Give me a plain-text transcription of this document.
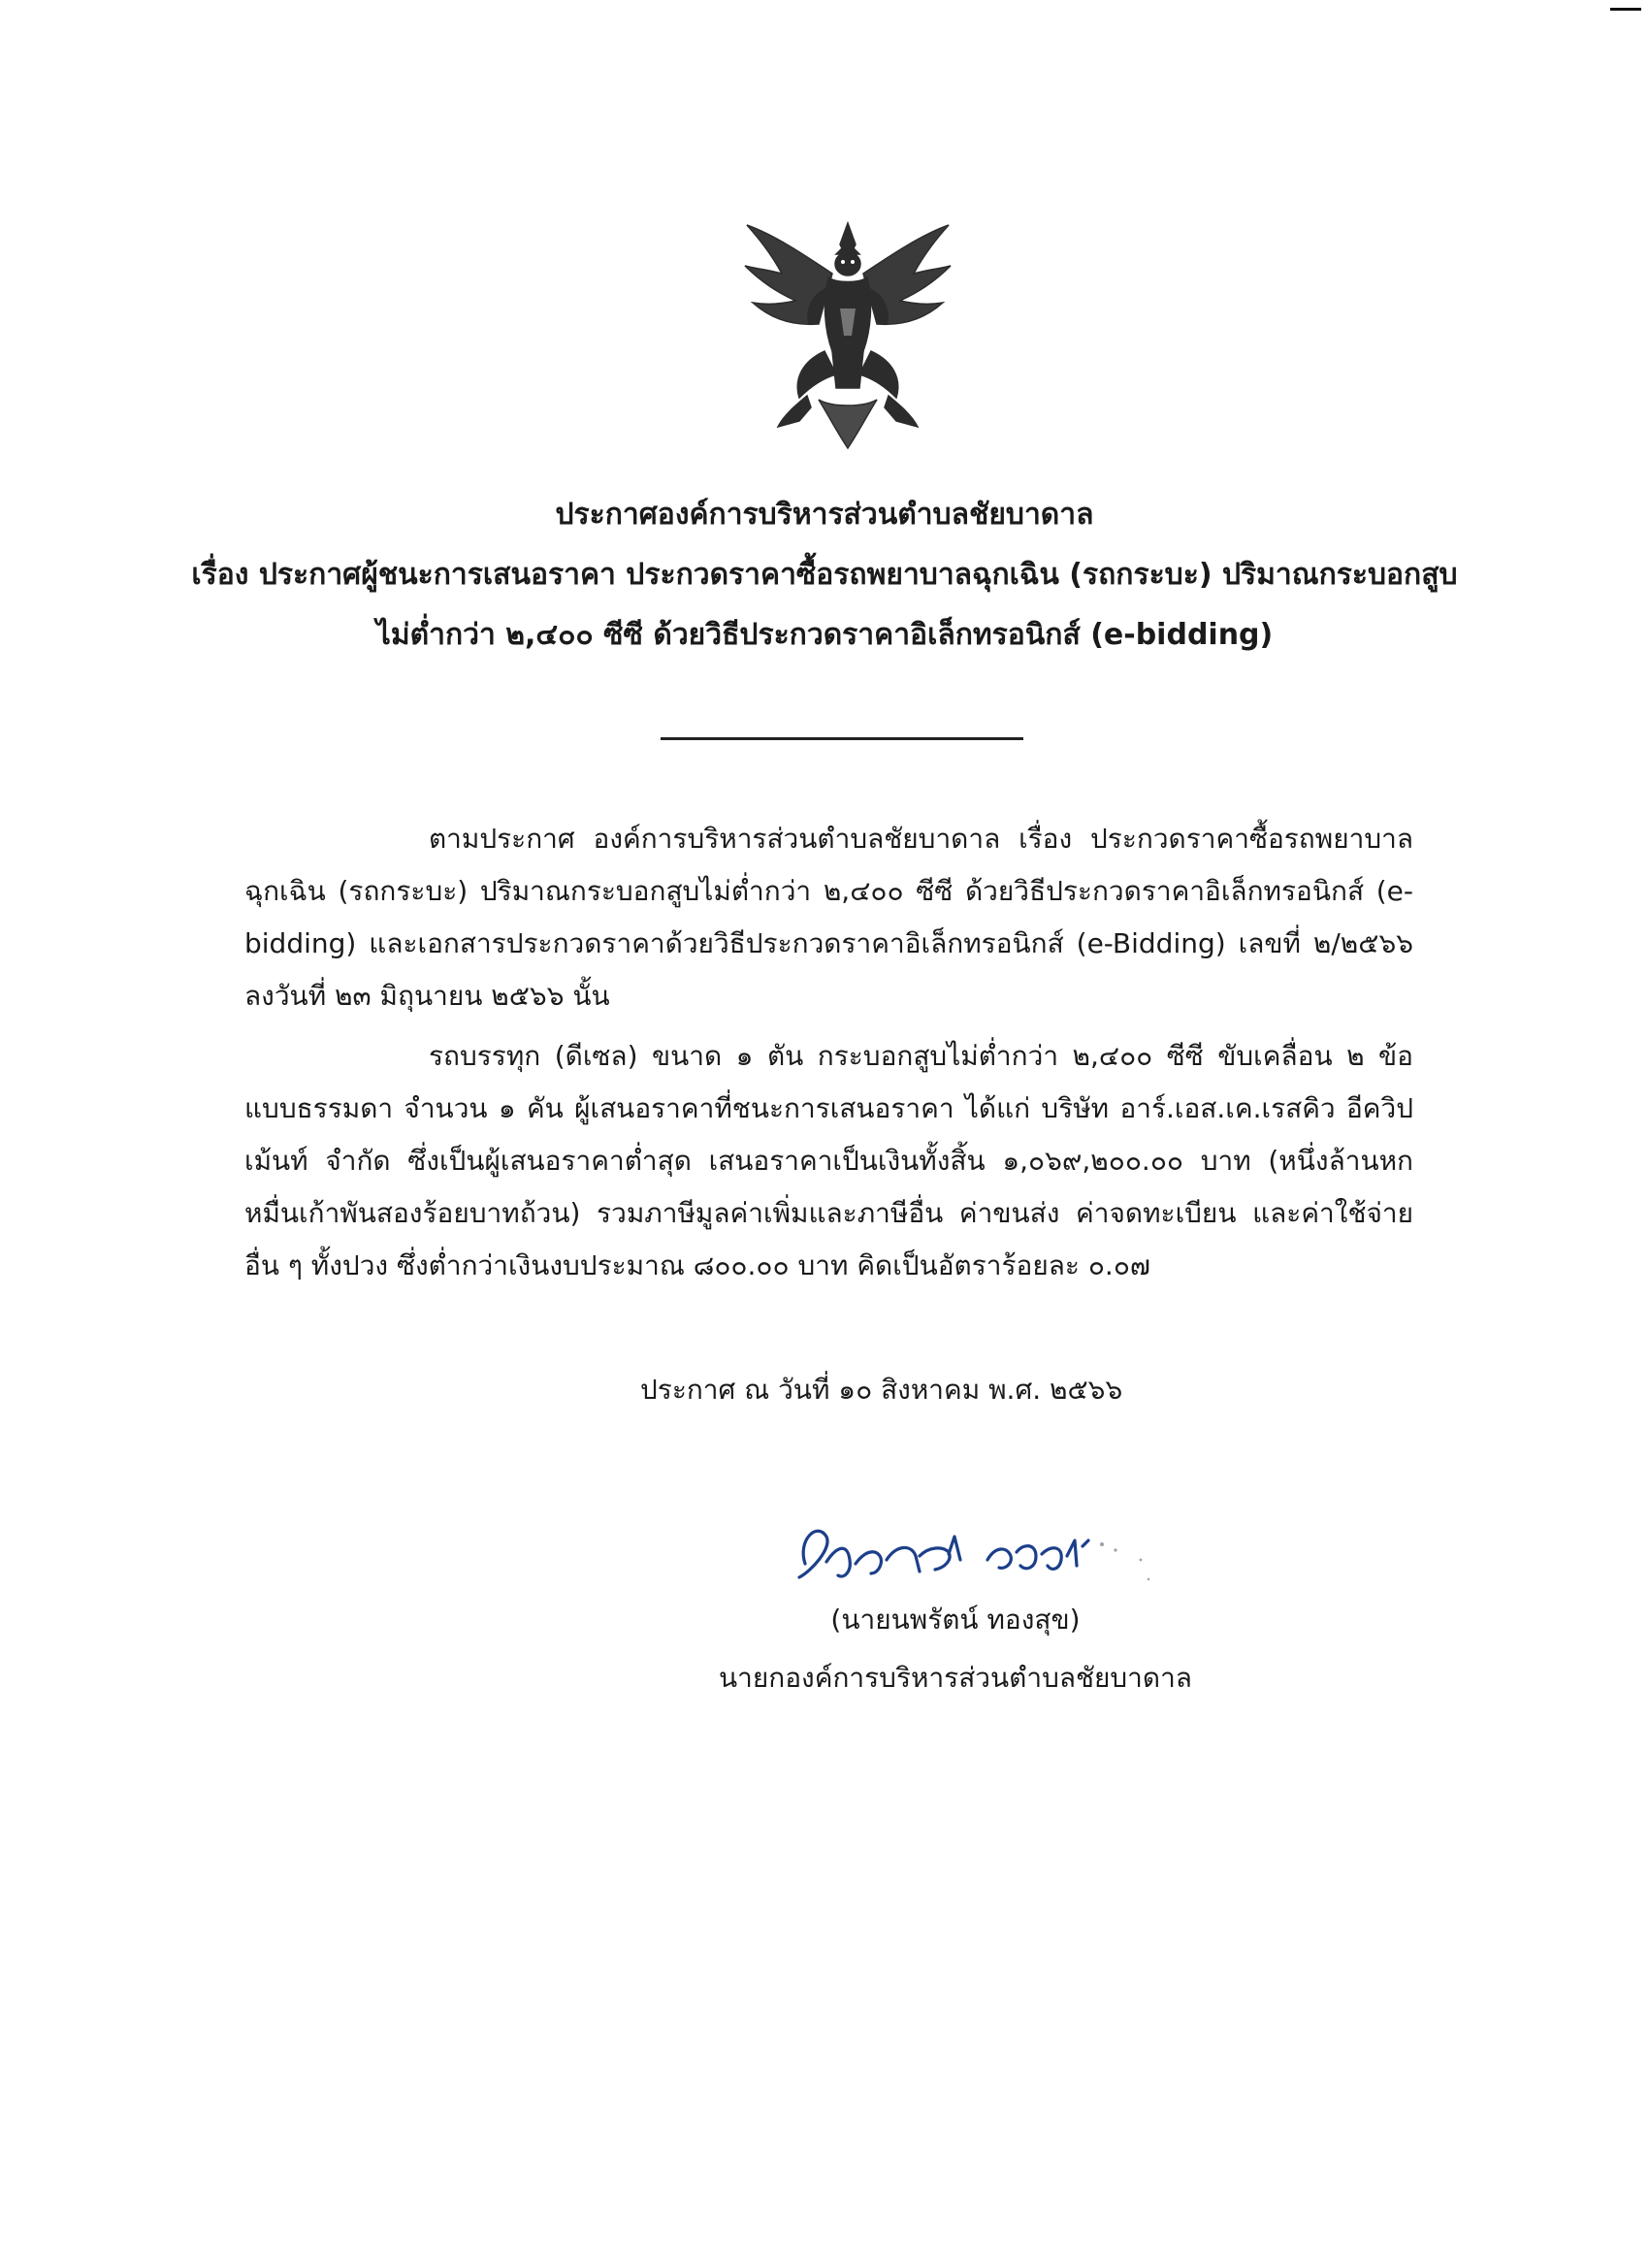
ประกาศองค์การบริหารส่วนตำบลชัยบาดาล
เรื่อง ประกาศผู้ชนะการเสนอราคา ประกวดราคาซื้อรถพยาบาลฉุกเฉิน (รถกระบะ) ปริมาณกระบอกสูบ
ไม่ต่ำกว่า ๒,๔๐๐ ซีซี ด้วยวิธีประกวดราคาอิเล็กทรอนิกส์ (e-bidding)

ตามประกาศ องค์การบริหารส่วนตำบลชัยบาดาล เรื่อง ประกวดราคาซื้อรถพยาบาลฉุกเฉิน (รถกระบะ) ปริมาณกระบอกสูบไม่ต่ำกว่า ๒,๔๐๐ ซีซี ด้วยวิธีประกวดราคาอิเล็กทรอนิกส์ (e-bidding) และเอกสารประกวดราคาด้วยวิธีประกวดราคาอิเล็กทรอนิกส์ (e-Bidding) เลขที่ ๒/๒๕๖๖ ลงวันที่ ๒๓ มิถุนายน ๒๕๖๖ นั้น

รถบรรทุก (ดีเซล) ขนาด ๑ ตัน กระบอกสูบไม่ต่ำกว่า ๒,๔๐๐ ซีซี ขับเคลื่อน ๒ ข้อ แบบธรรมดา จำนวน ๑ คัน ผู้เสนอราคาที่ชนะการเสนอราคา ได้แก่ บริษัท อาร์.เอส.เค.เรสคิว อีควิปเม้นท์ จำกัด ซึ่งเป็นผู้เสนอราคาต่ำสุด เสนอราคาเป็นเงินทั้งสิ้น ๑,๐๖๙,๒๐๐.๐๐ บาท (หนึ่งล้านหกหมื่นเก้าพันสองร้อยบาทถ้วน) รวมภาษีมูลค่าเพิ่มและภาษีอื่น ค่าขนส่ง ค่าจดทะเบียน และค่าใช้จ่ายอื่น ๆ ทั้งปวง ซึ่งต่ำกว่าเงินงบประมาณ ๘๐๐.๐๐ บาท คิดเป็นอัตราร้อยละ ๐.๐๗

ประกาศ ณ วันที่ ๑๐ สิงหาคม พ.ศ. ๒๕๖๖
(นายนพรัตน์ ทองสุข)
นายกองค์การบริหารส่วนตำบลชัยบาดาล
